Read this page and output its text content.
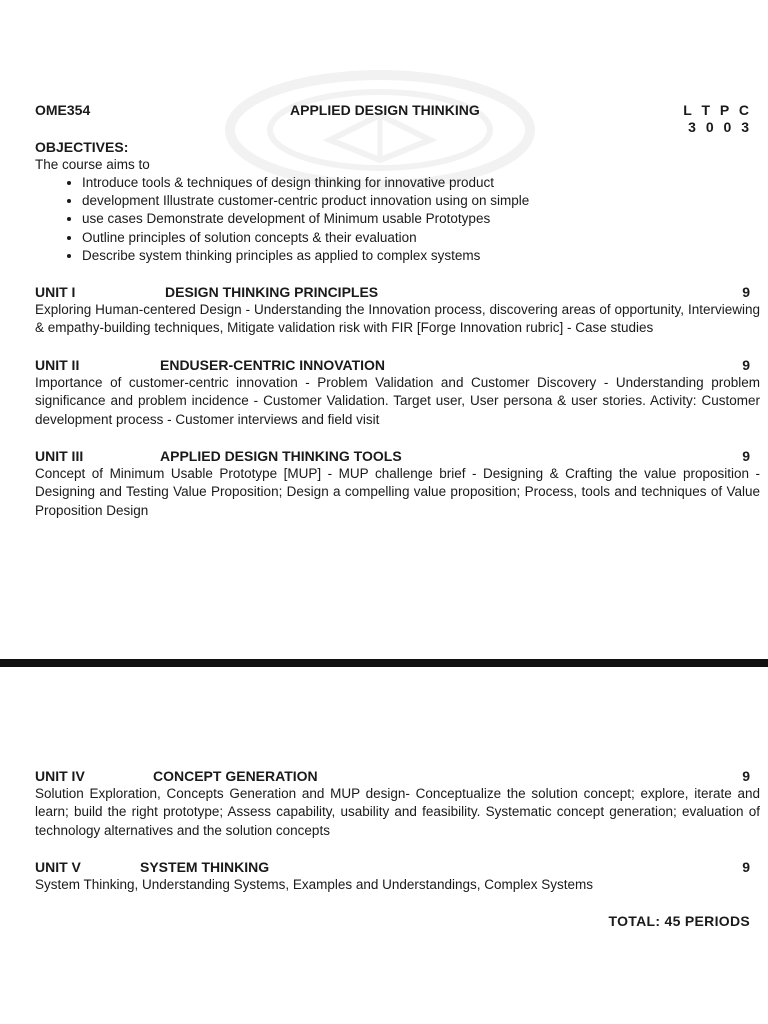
OME354	APPLIED DESIGN THINKING	L T P C
3 0 0 3

OBJECTIVES:

The course aims to

• Introduce tools & techniques of design thinking for innovative product
• development Illustrate customer-centric product innovation using on simple
• use cases Demonstrate development of Minimum usable Prototypes
• Outline principles of solution concepts & their evaluation
• Describe system thinking principles as applied to complex systems
UNIT I	DESIGN THINKING PRINCIPLES	9

Exploring Human-centered Design - Understanding the Innovation process, discovering areas of opportunity, Interviewing & empathy-building techniques, Mitigate validation risk with FIR [Forge Innovation rubric] - Case studies

UNIT II	ENDUSER-CENTRIC INNOVATION	9

Importance of customer-centric innovation - Problem Validation and Customer Discovery - Understanding problem significance and problem incidence - Customer Validation. Target user, User persona & user stories. Activity: Customer development process - Customer interviews and field visit

UNIT III	APPLIED DESIGN THINKING TOOLS	9

Concept of Minimum Usable Prototype [MUP] - MUP challenge brief - Designing & Crafting the value proposition - Designing and Testing Value Proposition; Design a compelling value proposition; Process, tools and techniques of Value Proposition Design

UNIT IV	CONCEPT GENERATION	9

Solution Exploration, Concepts Generation and MUP design- Conceptualize the solution concept; explore, iterate and learn; build the right prototype; Assess capability, usability and feasibility. Systematic concept generation; evaluation of technology alternatives and the solution concepts

UNIT V	SYSTEM THINKING	9

System Thinking, Understanding Systems, Examples and Understandings, Complex Systems

TOTAL: 45 PERIODS
